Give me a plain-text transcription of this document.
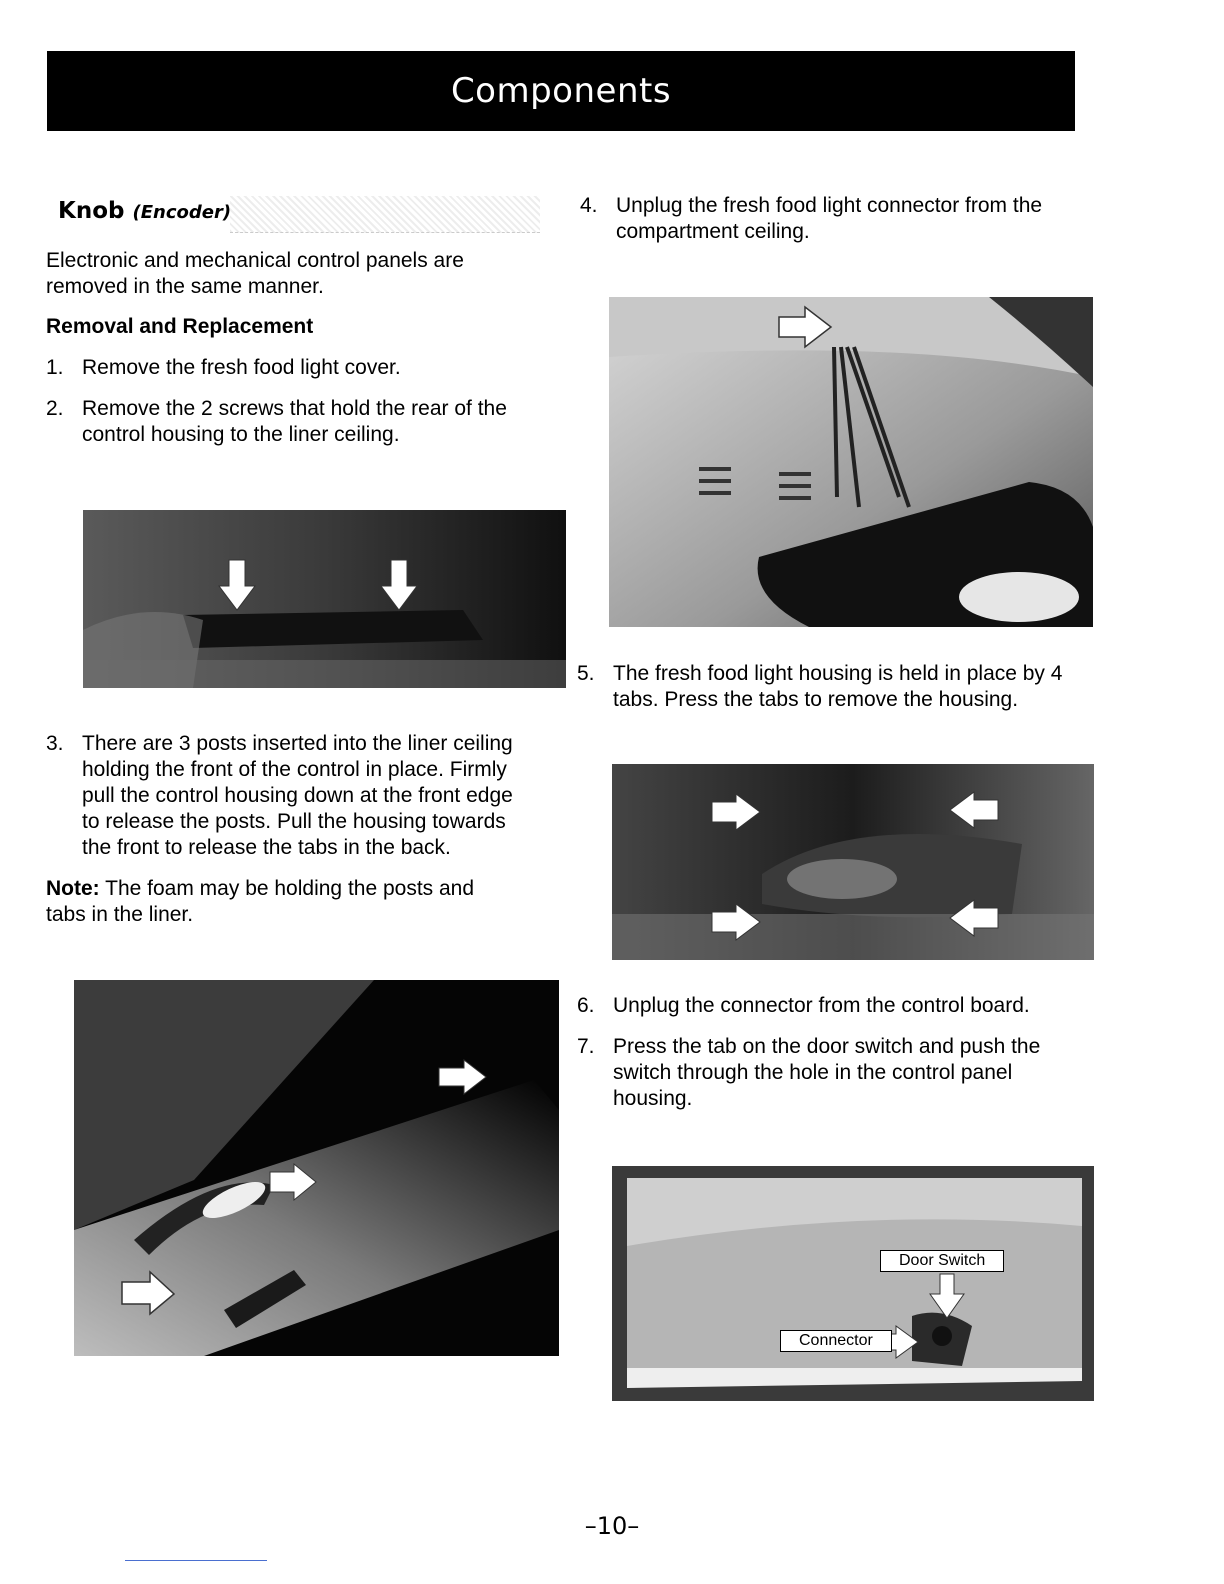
Components
Knob (Encoder)
Electronic and mechanical control panels are removed in the same manner.
Removal and Replacement
1. Remove the fresh food light cover.
2. Remove the 2 screws that hold the rear of the control housing to the liner ceiling.
3. There are 3 posts inserted into the liner ceiling holding the front of the control in place. Firmly pull the control housing down at the front edge to release the posts. Pull the housing towards the front to release the tabs in the back.
Note: The foam may be holding the posts and tabs in the liner.
4. Unplug the fresh food light connector from the compartment ceiling.
5. The fresh food light housing is held in place by 4 tabs. Press the tabs to remove the housing.
6. Unplug the connector from the control board.
7. Press the tab on the door switch and push the switch through the hole in the control panel housing.
Door Switch
Connector
–10–
